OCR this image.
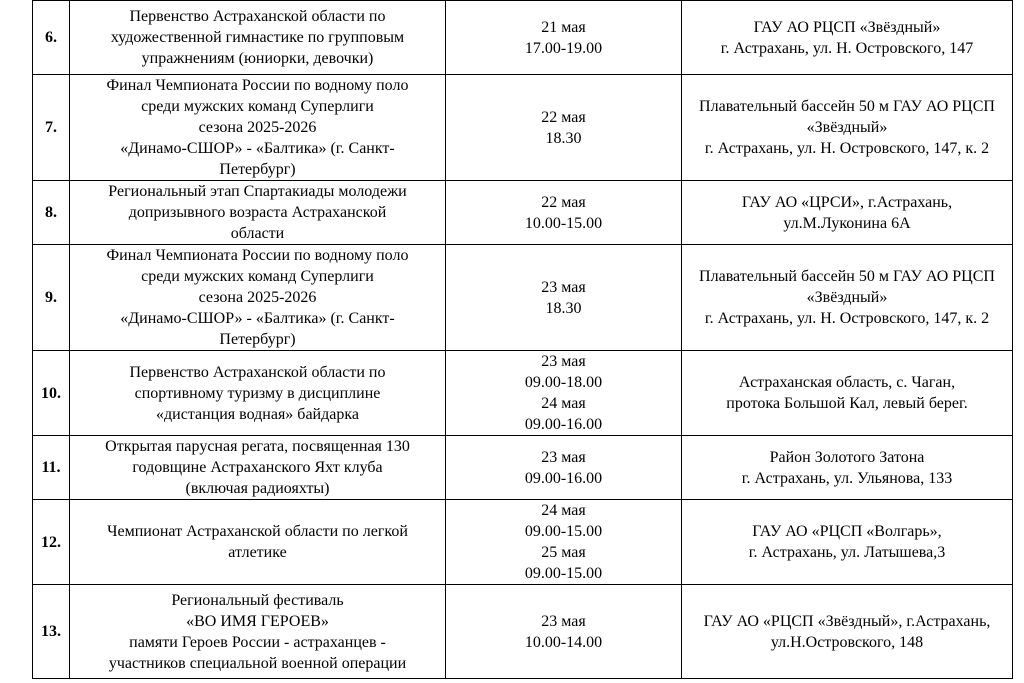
6.	Первенство Астраханской области по
художественной гимнастике по групповым
упражнениям (юниорки, девочки)	21 мая
17.00-19.00	ГАУ АО РЦСП «Звёздный»
г. Астрахань, ул. Н. Островского, 147

7.	Финал Чемпионата России по водному поло
среди мужских команд Суперлиги
сезона 2025-2026
«Динамо-СШОР» - «Балтика» (г. Санкт-
Петербург)	22 мая
18.30	Плавательный бассейн 50 м ГАУ АО РЦСП
«Звёздный»
г. Астрахань, ул. Н. Островского, 147, к. 2

8.	Региональный этап Спартакиады молодежи
допризывного возраста Астраханской
области	22 мая
10.00-15.00	ГАУ АО «ЦРСИ», г.Астрахань,
ул.М.Луконина 6А

9.	Финал Чемпионата России по водному поло
среди мужских команд Суперлиги
сезона 2025-2026
«Динамо-СШОР» - «Балтика» (г. Санкт-
Петербург)	23 мая
18.30	Плавательный бассейн 50 м ГАУ АО РЦСП
«Звёздный»
г. Астрахань, ул. Н. Островского, 147, к. 2

10.	Первенство Астраханской области по
спортивному туризму в дисциплине
«дистанция водная» байдарка	23 мая
09.00-18.00
24 мая
09.00-16.00	Астраханская область, с. Чаган,
протока Большой Кал, левый берег.

11.	Открытая парусная регата, посвященная 130
годовщине Астраханского Яхт клуба
(включая радиояхты)	23 мая
09.00-16.00	Район Золотого Затона
г. Астрахань, ул. Ульянова, 133

12.	Чемпионат Астраханской области по легкой
атлетике	24 мая
09.00-15.00
25 мая
09.00-15.00	ГАУ АО «РЦСП «Волгарь»,
г. Астрахань, ул. Латышева,3

13.	Региональный фестиваль
«ВО ИМЯ ГЕРОЕВ»
памяти Героев России - астраханцев -
участников специальной военной операции	23 мая
10.00-14.00	ГАУ АО «РЦСП «Звёздный», г.Астрахань,
ул.Н.Островского, 148
